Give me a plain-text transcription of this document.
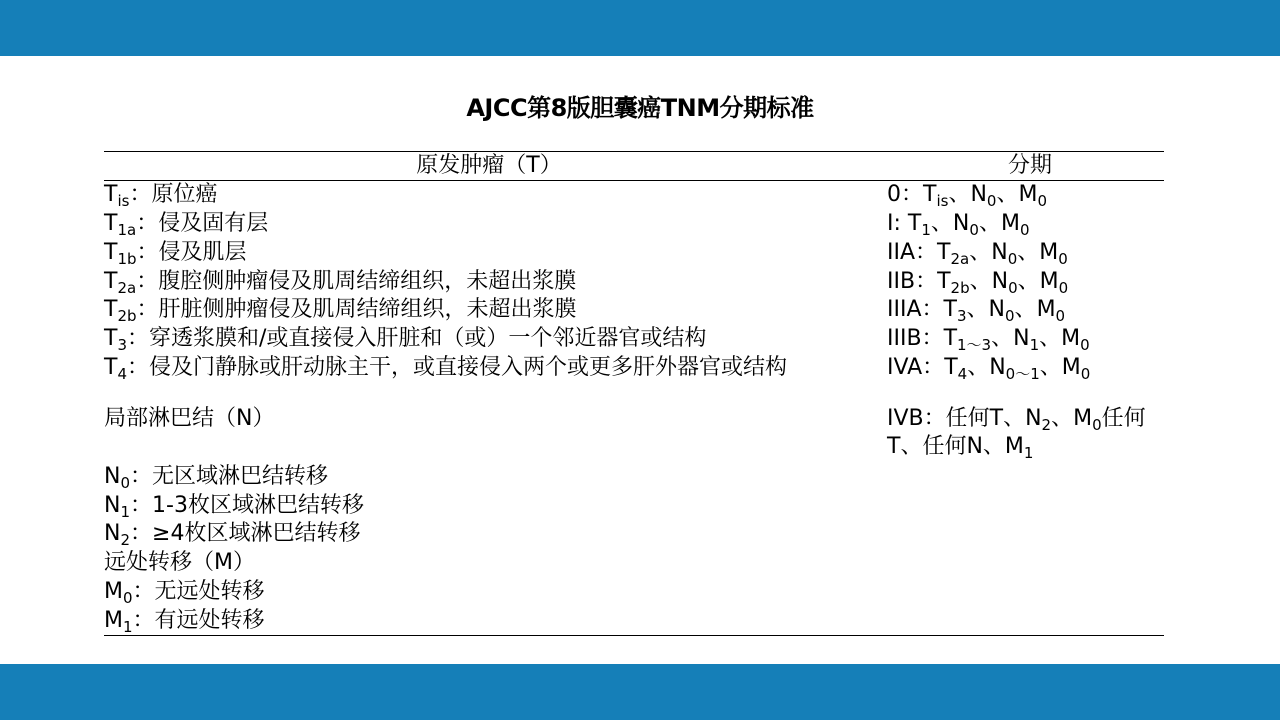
AJCC第8版胆囊癌TNM分期标准
原发肿瘤（T）	分期
$T_{is}$：原位癌
$T_{1a}$：侵及固有层
$T_{1b}$：侵及肌层
$T_{2a}$：腹腔侧肿瘤侵及肌周结缔组织，未超出浆膜
$T_{2b}$：肝脏侧肿瘤侵及肌周结缔组织，未超出浆膜
$T_3$：穿透浆膜和/或直接侵入肝脏和（或）一个邻近器官或结构
$T_4$：侵及门静脉或肝动脉主干，或直接侵入两个或更多肝外器官或结构
局部淋巴结（N）
$N_0$：无区域淋巴结转移
$N_1$：1-3枚区域淋巴结转移
$N_2$：≥4枚区域淋巴结转移
远处转移（M）
$M_0$：无远处转移
$M_1$：有远处转移
0：$T_{is}$、$N_0$、$M_0$
I: $T_1$、$N_0$、$M_0$
IIA：$T_{2a}$、$N_0$、$M_0$
IIB：$T_{2b}$、$N_0$、$M_0$
IIIA：$T_3$、$N_0$、$M_0$
IIIB：$T_{1\sim 3}$、$N_1$、$M_0$
IVA：$T_4$、$N_{0\sim 1}$、$M_0$
IVB：任何T、$N_2$、$M_0$任何T、任何N、$M_1$
